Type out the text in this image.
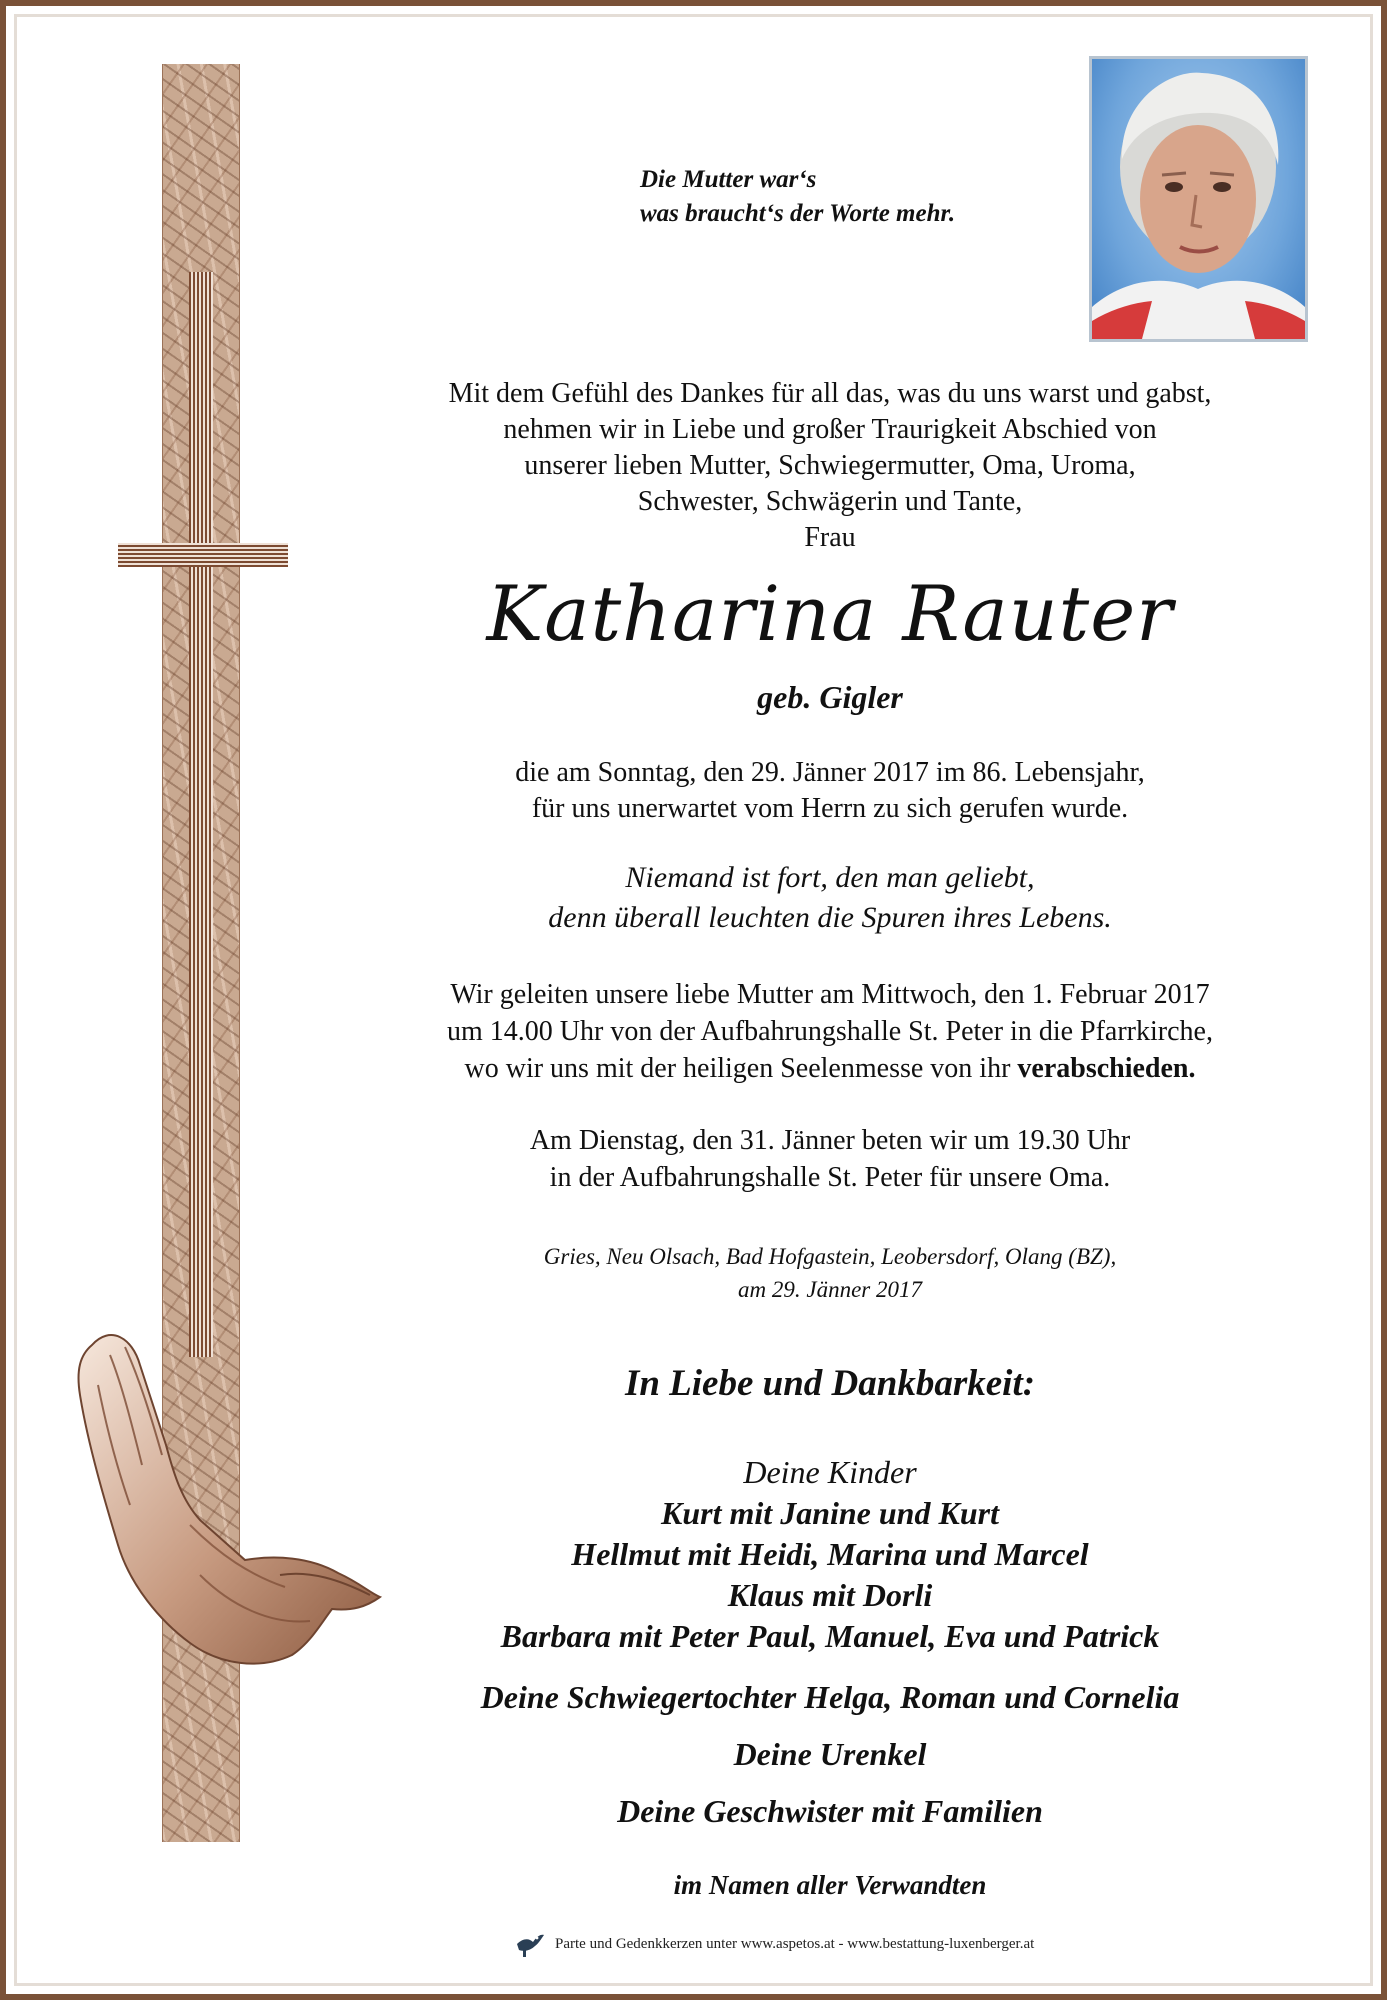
Die Mutter war‘s
was braucht‘s der Worte mehr.
Mit dem Gefühl des Dankes für all das, was du uns warst und gabst,
nehmen wir in Liebe und großer Traurigkeit Abschied von
unserer lieben Mutter, Schwiegermutter, Oma, Uroma,
Schwester, Schwägerin und Tante,
Frau
Katharina Rauter
geb. Gigler
die am Sonntag, den 29. Jänner 2017 im 86. Lebensjahr,
für uns unerwartet vom Herrn zu sich gerufen wurde.
Niemand ist fort, den man geliebt,
denn überall leuchten die Spuren ihres Lebens.
Wir geleiten unsere liebe Mutter am Mittwoch, den 1. Februar 2017
um 14.00 Uhr von der Aufbahrungshalle St. Peter in die Pfarrkirche,
wo wir uns mit der heiligen Seelenmesse von ihr verabschieden.
Am Dienstag, den 31. Jänner beten wir um 19.30 Uhr
in der Aufbahrungshalle St. Peter für unsere Oma.
Gries, Neu Olsach, Bad Hofgastein, Leobersdorf, Olang (BZ),
am 29. Jänner 2017
In Liebe und Dankbarkeit:
Deine Kinder
Kurt mit Janine und Kurt
Hellmut mit Heidi, Marina und Marcel
Klaus mit Dorli
Barbara mit Peter Paul, Manuel, Eva und Patrick
Deine Schwiegertochter Helga, Roman und Cornelia
Deine Urenkel
Deine Geschwister mit Familien
im Namen aller Verwandten
Parte und Gedenkkerzen unter www.aspetos.at - www.bestattung-luxenberger.at
